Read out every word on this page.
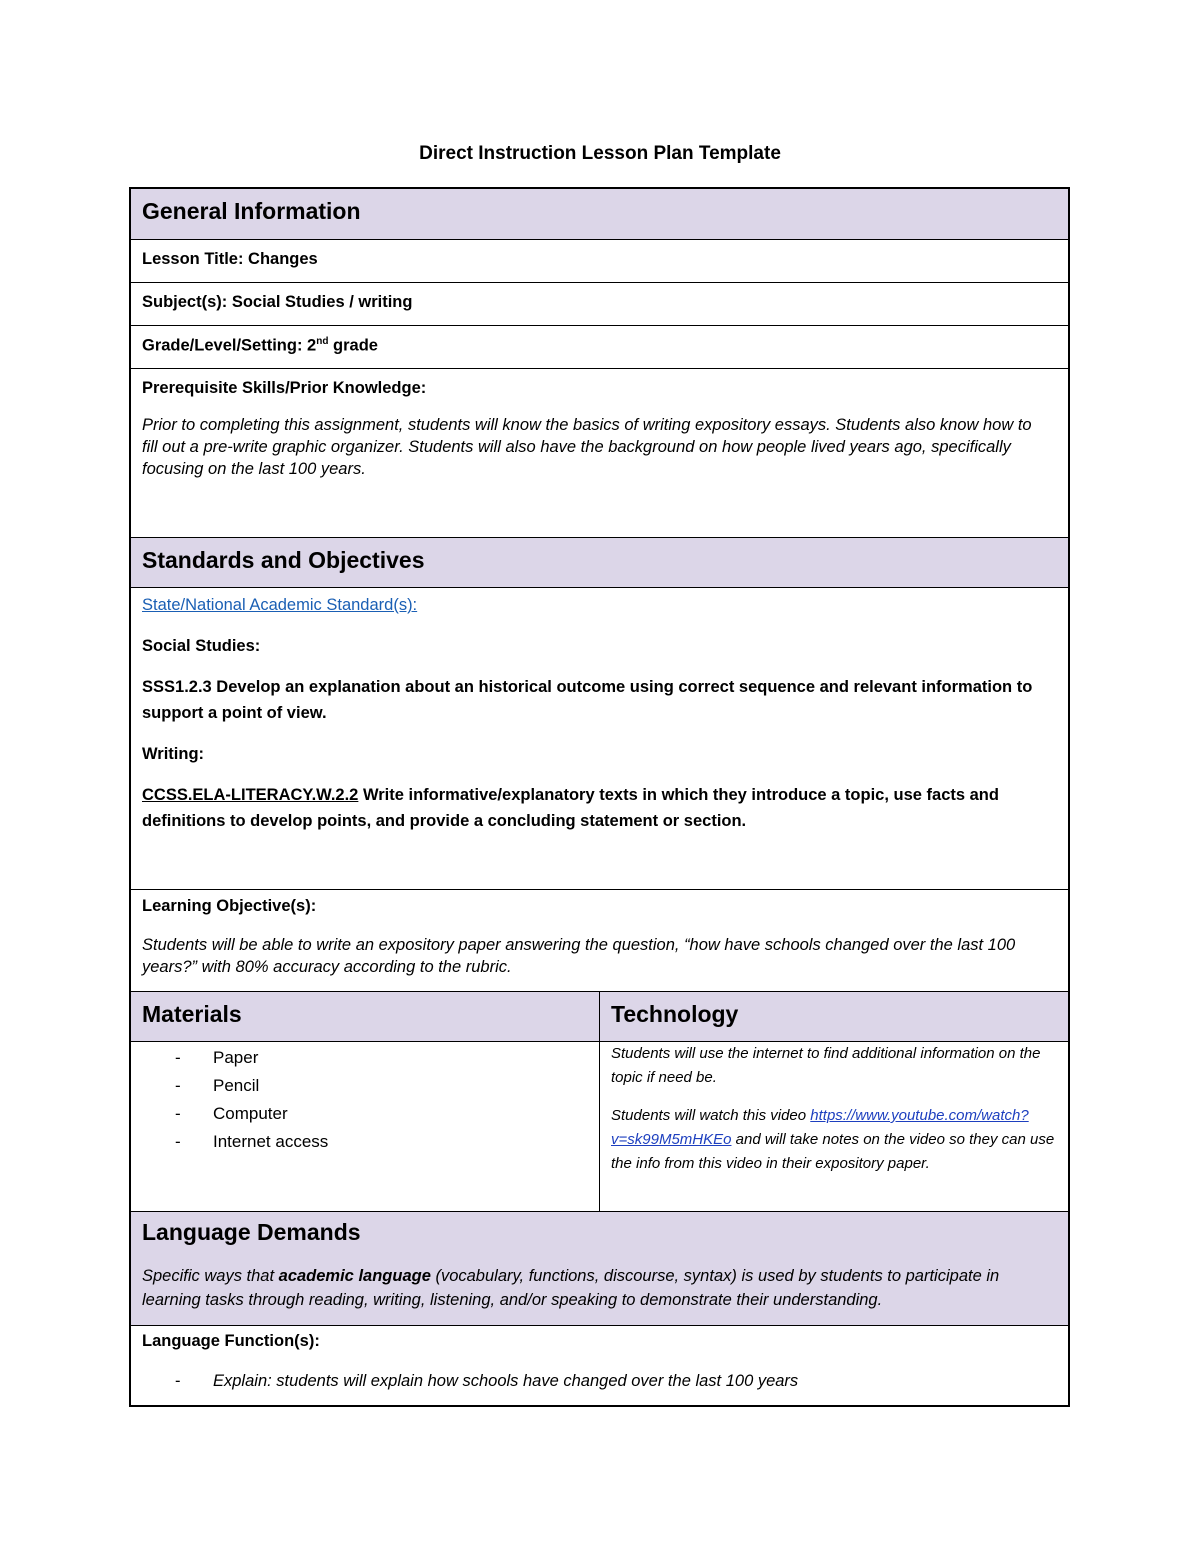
Direct Instruction Lesson Plan Template
General Information
Lesson Title: Changes
Subject(s): Social Studies / writing
Grade/Level/Setting: 2nd grade
Prerequisite Skills/Prior Knowledge:
Prior to completing this assignment, students will know the basics of writing expository essays. Students also know how to fill out a pre-write graphic organizer. Students will also have the background on how people lived years ago, specifically focusing on the last 100 years.
Standards and Objectives
State/National Academic Standard(s):
Social Studies:
SSS1.2.3 Develop an explanation about an historical outcome using correct sequence and relevant information to support a point of view.
Writing:
CCSS.ELA-LITERACY.W.2.2 Write informative/explanatory texts in which they introduce a topic, use facts and definitions to develop points, and provide a concluding statement or section.
Learning Objective(s):
Students will be able to write an expository paper answering the question, “how have schools changed over the last 100 years?” with 80% accuracy according to the rubric.
Materials	Technology
- Paper
- Pencil
- Computer
- Internet access
Students will use the internet to find additional information on the topic if need be.
Students will watch this video https://www.youtube.com/watch?v=sk99M5mHKEo and will take notes on the video so they can use the info from this video in their expository paper.
Language Demands
Specific ways that academic language (vocabulary, functions, discourse, syntax) is used by students to participate in learning tasks through reading, writing, listening, and/or speaking to demonstrate their understanding.
Language Function(s):
- Explain: students will explain how schools have changed over the last 100 years
